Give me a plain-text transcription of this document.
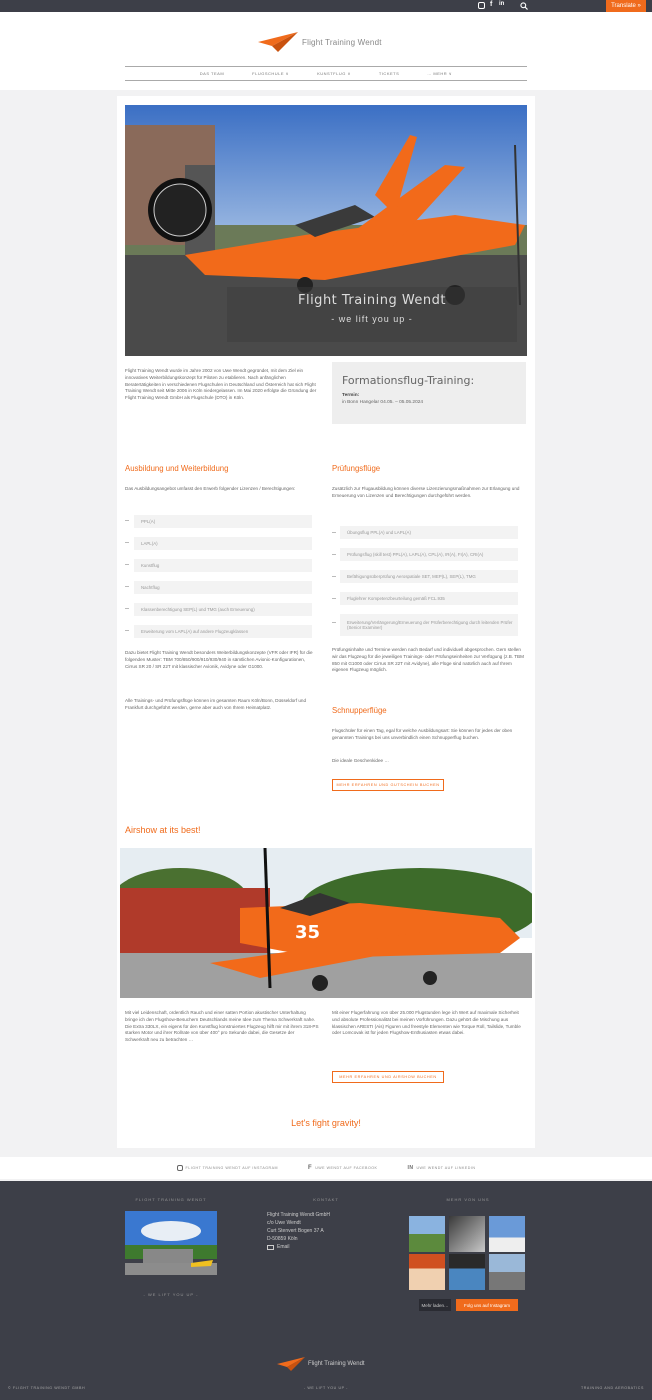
f in	Translate »
Flight Training Wendt
DAS TEAM	FLUGSCHULE ∨	KUNSTFLUG ∨	TICKETS	… MEHR ∨
Flight Training Wendt
- we lift you up -
Flight Training Wendt wurde im Jahre 2002 von Uwe Wendt gegründet, mit dem Ziel ein innovatives Weiterbildungskonzept für Piloten zu etablieren. Nach anfänglichen Beratertätigkeiten in verschiedenen Flugschulen in Deutschland und Österreich hat sich Flight Training Wendt seit Mitte 2006 in Köln niedergelassen. Im Mai 2020 erfolgte die Gründung der Flight Training Wendt GmbH als Flugschule (DTO) in Köln.
Formationsflug-Training:
Termin:
in Bonn Hangelar 04.05. – 05.05.2024
Ausbildung und Weiterbildung
Das Ausbildungsangebot umfasst den Erwerb folgender Lizenzen / Berechtigungen:
PPL(A)
LAPL(A)
Kunstflug
Nachtflug
Klassenberechtigung SEP(L) und TMG (auch Erneuerung)
Erweiterung vom LAPL(A) auf andere Flugzeugklassen
Dazu bietet Flight Training Wendt besonders Weiterbildungskonzepte (VFR oder IFR) für die folgenden Muster: TBM 700/850/900/910/930/940 in sämtlichen Avionic-Konfigurationen, Cirrus SR 20 / SR 22T mit klassischer Avionik, Avidyne oder G1000.
Alle Trainings- und Prüfungsflüge können im gesamten Raum Köln/Bonn, Düsseldorf und Frankfurt durchgeführt werden, gerne aber auch von Ihrem Heimatplatz.
Prüfungsflüge
Zusätzlich zur Flugausbildung können diverse Lizenzierungsmaßnahmen zur Erlangung und Erneuerung von Lizenzen und Berechtigungen durchgeführt werden.
Übungsflug PPL(A) und LAPL(A)
Prüfungsflug (skill test) PPL(A), LAPL(A), CPL(A), IR(A), FI(A), CRI(A)
Befähigungsüberprüfung Aerospatiale SET, MEP(L), SEP(L), TMG
Fluglehrer Kompetenzbeurteilung gemäß FCL.935
Erweiterung/Verlängerung/Erneuerung der Prüferberechtigung durch leitenden Prüfer (Senior Examiner)
Prüfungsinhalte und Termine werden nach Bedarf und individuell abgesprochen. Gern stellen wir das Flugzeug für die jeweiligen Trainings- oder Prüfungseinheiten zur Verfügung (z.B. TBM 850 mit G1000 oder Cirrus SR 22T mit Avidyne), alle Flüge sind natürlich auch auf Ihrem eigenen Flugzeug möglich.
Schnupperflüge
Flugschüler für einen Tag, egal für welche Ausbildungsart: Sie können für jedes der oben genannten Trainings bei uns unverbindlich einen Schnupperflug buchen.
Die ideale Geschenkidee …
MEHR ERFAHREN UND GUTSCHEIN BUCHEN
Airshow at its best!
35
Mit viel Leidenschaft, ordentlich Rauch und einer satten Portion akustischer Unterhaltung bringe ich den Flugshow-Besuchern Deutschlands meine Idee zum Thema Schwerkraft nahe. Die Extra 330LX, ein eigens für den Kunstflug konstruiertes Flugzeug hilft mir mit ihrem 318-PS starken Motor und ihrer Rollrate von über 400° pro Sekunde dabei, die Gesetze der Schwerkraft neu zu betrachten …
Mit einer Flugerfahrung von über 25.000 Flugstunden lege ich Wert auf maximale Sicherheit und absolute Professionalität bei meinen Vorführungen. Dazu gehört die Mischung aus klassischen ARESTI (Ais) Figuren und freestyle Elementen wie Torque Roll, Tailslide, Tumble oder Lomcovak ist für jeden Flugshow-Enthusiasten etwas dabei.
MEHR ERFAHREN UND AIRSHOW BUCHEN
Let's fight gravity!
FLIGHT TRAINING WENDT AUF INSTAGRAM	F UWE WENDT AUF FACEBOOK	IN UWE WENDT AUF LINKEDIN
FLIGHT TRAINING WENDT
- WE LIFT YOU UP -
KONTAKT
Flight Training Wendt GmbH
c/o Uwe Wendt
Curt Stenvert Bogen 37 A
D-50859 Köln
Email
MEHR VON UNS
Mehr laden…	Folg uns auf Instagram
Flight Training Wendt
© FLIGHT TRAINING WENDT GMBH	- WE LIFT YOU UP -	TRAINING AND AEROBATICS
